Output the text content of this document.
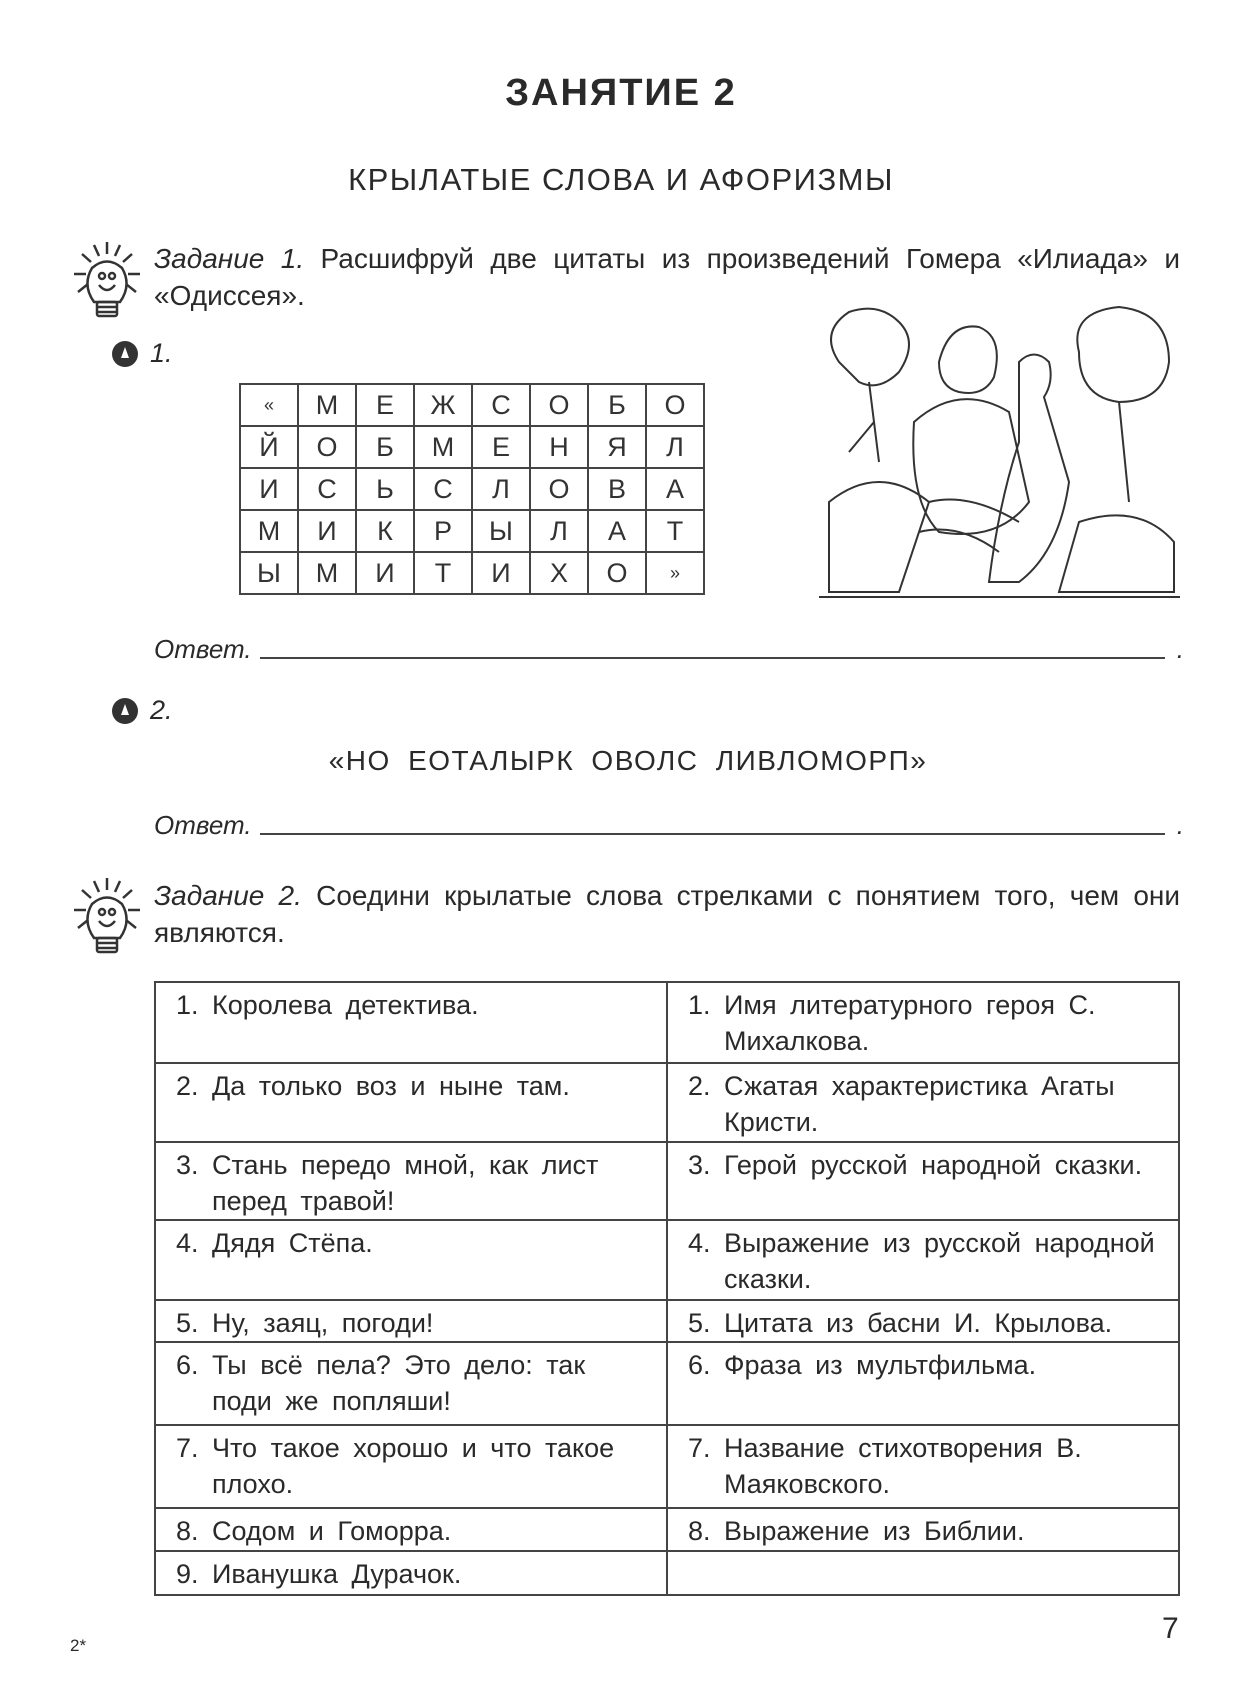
ЗАНЯТИЕ 2
КРЫЛАТЫЕ СЛОВА И АФОРИЗМЫ
Задание 1. Расшифруй две цитаты из произведений Гомера «Илиада» и «Одиссея».
1.
«	М	Е	Ж	С	О	Б	О
Й	О	Б	М	Е	Н	Я	Л
И	С	Ь	С	Л	О	В	А
М	И	К	Р	Ы	Л	А	Т
Ы	М	И	Т	И	Х	О	»
Ответ.	.
2.
«НО ЕОТАЛЫРК ОВОЛС ЛИВЛОМОРП»
Ответ.	.
Задание 2. Соедини крылатые слова стрелками с понятием того, чем они являются.
1. Королева детектива.	1. Имя литературного героя С. Михалкова.

2. Да только воз и ныне там.	2. Сжатая характеристика Агаты Кристи.

3. Стань передо мной, как лист перед травой!	3. Герой русской народной сказки.

4. Дядя Стёпа.	4. Выражение из русской народной сказки.

5. Ну, заяц, погоди!	5. Цитата из басни И. Крылова.

6. Ты всё пела? Это дело: так поди же попляши!	6. Фраза из мультфильма.

7. Что такое хорошо и что такое плохо.	7. Название стихотворения В. Маяковского.

8. Содом и Гоморра.	8. Выражение из Библии.

9. Иванушка Дурачок.	

2*
7
